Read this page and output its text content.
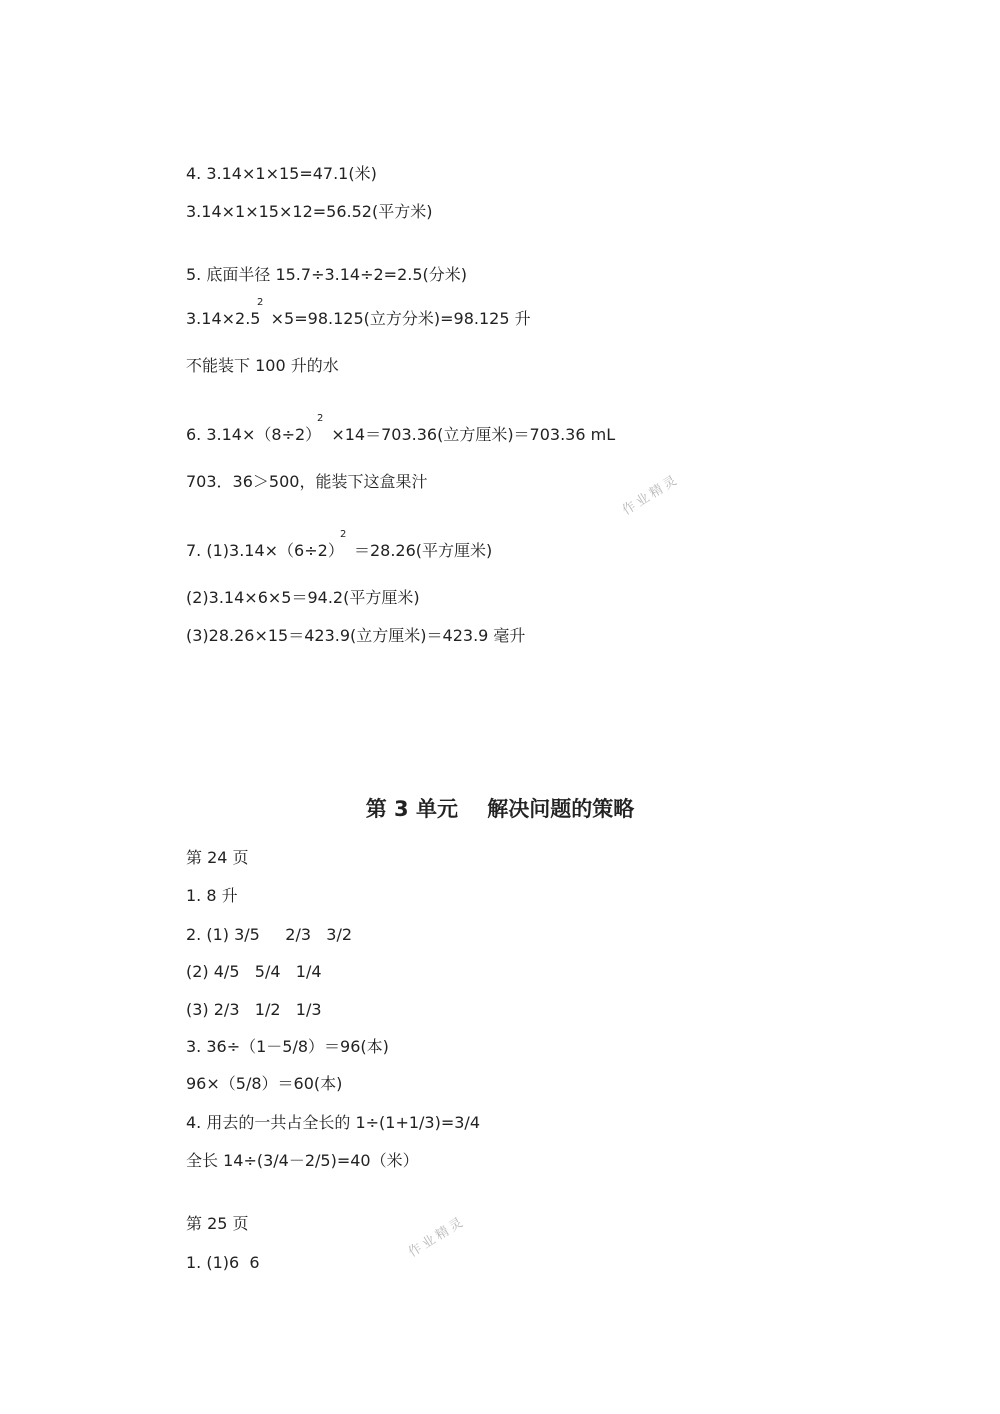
4. 3.14×1×15=47.1(米)
3.14×1×15×12=56.52(平方米)
5. 底面半径 15.7÷3.14÷2=2.5(分米)
3.14×2.5  ×5=98.125(立方分米)=98.125 升
2
不能装下 100 升的水
6. 3.14×（8÷2）  ×14＝703.36(立方厘米)＝703.36 mL
2
703．36＞500，能装下这盒果汁
7. (1)3.14×（6÷2）  ＝28.26(平方厘米)
2
(2)3.14×6×5＝94.2(平方厘米)
(3)28.26×15＝423.9(立方厘米)＝423.9 毫升
第 3 单元    解决问题的策略
第 24 页
1. 8 升
2. (1) 3/5     2/3   3/2
(2) 4/5   5/4   1/4
(3) 2/3   1/2   1/3
3. 36÷（1－5/8）＝96(本)
96×（5/8）＝60(本)
4. 用去的一共占全长的 1÷(1+1/3)=3/4
全长 14÷(3/4－2/5)=40（米）
第 25 页
1. (1)6  6
作业精灵
作业精灵
